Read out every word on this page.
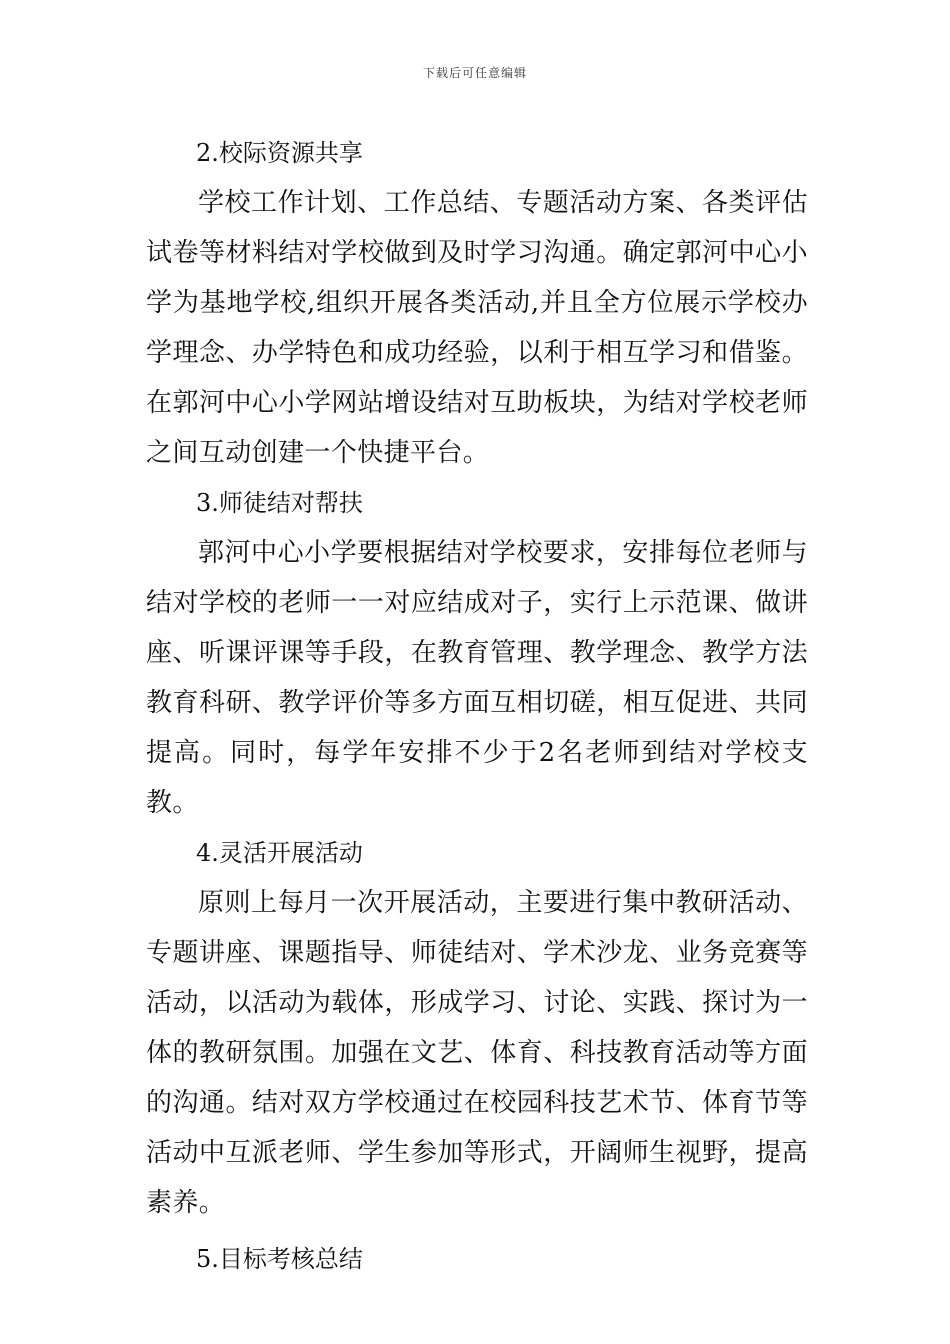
下载后可任意编辑

2.校际资源共享

学校工作计划、工作总结、专题活动方案、各类评估试卷等材料结对学校做到及时学习沟通。确定郭河中心小学为基地学校,组织开展各类活动,并且全方位展示学校办学理念、办学特色和成功经验，以利于相互学习和借鉴。在郭河中心小学网站增设结对互助板块，为结对学校老师之间互动创建一个快捷平台。

3.师徒结对帮扶

郭河中心小学要根据结对学校要求，安排每位老师与结对学校的老师一一对应结成对子，实行上示范课、做讲座、听课评课等手段，在教育管理、教学理念、教学方法教育科研、教学评价等多方面互相切磋，相互促进、共同提高。同时，每学年安排不少于2名老师到结对学校支教。

4.灵活开展活动

原则上每月一次开展活动，主要进行集中教研活动、专题讲座、课题指导、师徒结对、学术沙龙、业务竞赛等活动，以活动为载体，形成学习、讨论、实践、探讨为一体的教研氛围。加强在文艺、体育、科技教育活动等方面的沟通。结对双方学校通过在校园科技艺术节、体育节等活动中互派老师、学生参加等形式，开阔师生视野，提高素养。

5.目标考核总结
